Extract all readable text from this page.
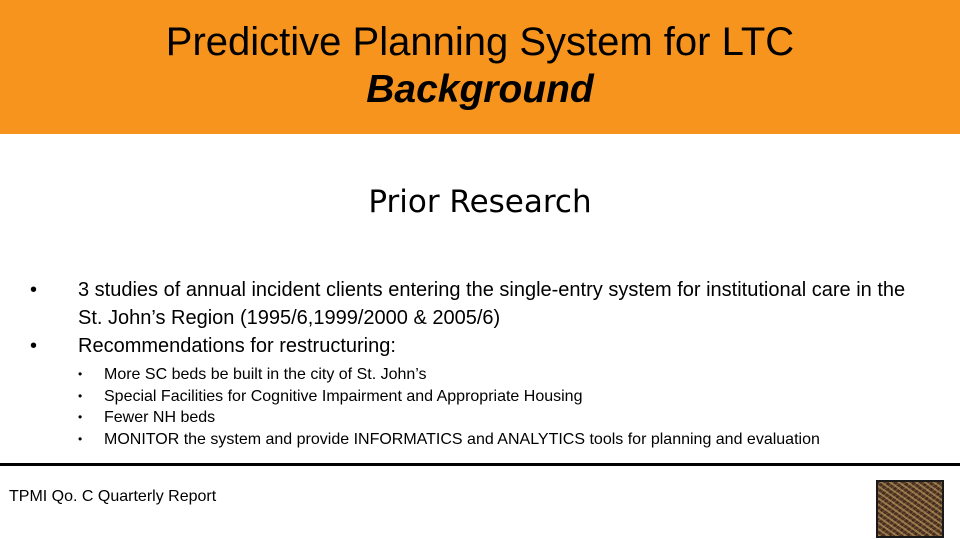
Predictive Planning System for LTC
Background
Prior Research
• 3 studies of annual incident clients entering the single-entry system for institutional care in the St. John’s Region (1995/6,1999/2000 & 2005/6)
• Recommendations for restructuring:
• More SC beds be built in the city of St. John’s
• Special Facilities for Cognitive Impairment and Appropriate Housing
• Fewer NH beds
• MONITOR the system and provide INFORMATICS and ANALYTICS tools for planning and evaluation
TPMI Qo. C Quarterly Report
